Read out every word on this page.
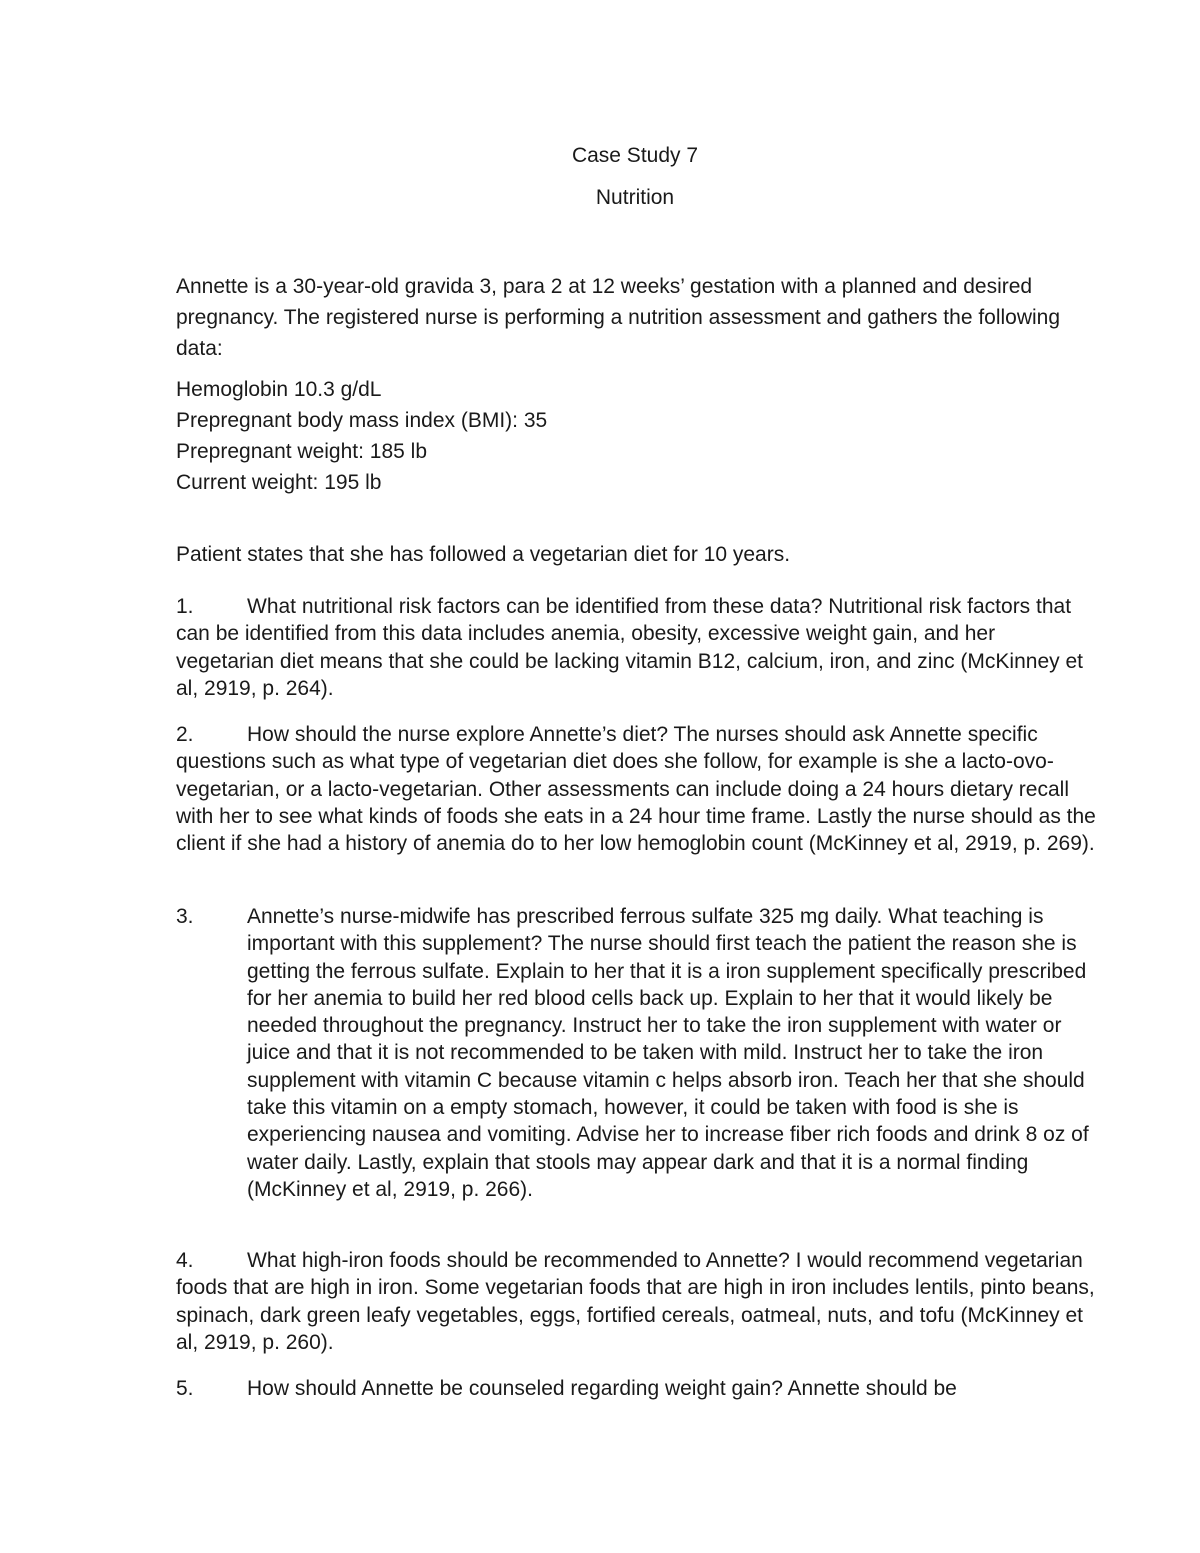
Case Study 7

Nutrition

Annette is a 30-year-old gravida 3, para 2 at 12 weeks’ gestation with a planned and desired pregnancy. The registered nurse is performing a nutrition assessment and gathers the following data:

Hemoglobin 10.3 g/dL
Prepregnant body mass index (BMI): 35
Prepregnant weight: 185 lb
Current weight: 195 lb

Patient states that she has followed a vegetarian diet for 10 years.

1.	What nutritional risk factors can be identified from these data? Nutritional risk factors that can be identified from this data includes anemia, obesity, excessive weight gain, and her vegetarian diet means that she could be lacking vitamin B12, calcium, iron, and zinc (McKinney et al, 2919, p. 264).

2.	How should the nurse explore Annette’s diet? The nurses should ask Annette specific questions such as what type of vegetarian diet does she follow, for example is she a lacto-ovo-vegetarian, or a lacto-vegetarian. Other assessments can include doing a 24 hours dietary recall with her to see what kinds of foods she eats in a 24 hour time frame. Lastly the nurse should as the client if she had a history of anemia do to her low hemoglobin count (McKinney et al, 2919, p. 269).

3.	Annette’s nurse-midwife has prescribed ferrous sulfate 325 mg daily. What teaching is important with this supplement? The nurse should first teach the patient the reason she is getting the ferrous sulfate. Explain to her that it is a iron supplement specifically prescribed for her anemia to build her red blood cells back up. Explain to her that it would likely be needed throughout the pregnancy. Instruct her to take the iron supplement with water or juice and that it is not recommended to be taken with mild. Instruct her to take the iron supplement with vitamin C because vitamin c helps absorb iron. Teach her that she should take this vitamin on a empty stomach, however, it could be taken with food is she is experiencing nausea and vomiting. Advise her to increase fiber rich foods and drink 8 oz of water daily. Lastly, explain that stools may appear dark and that it is a normal finding (McKinney et al, 2919, p. 266).

4.	What high-iron foods should be recommended to Annette? I would recommend vegetarian foods that are high in iron. Some vegetarian foods that are high in iron includes lentils, pinto beans, spinach, dark green leafy vegetables, eggs, fortified cereals, oatmeal, nuts, and tofu (McKinney et al, 2919, p. 260).

5.	How should Annette be counseled regarding weight gain? Annette should be
